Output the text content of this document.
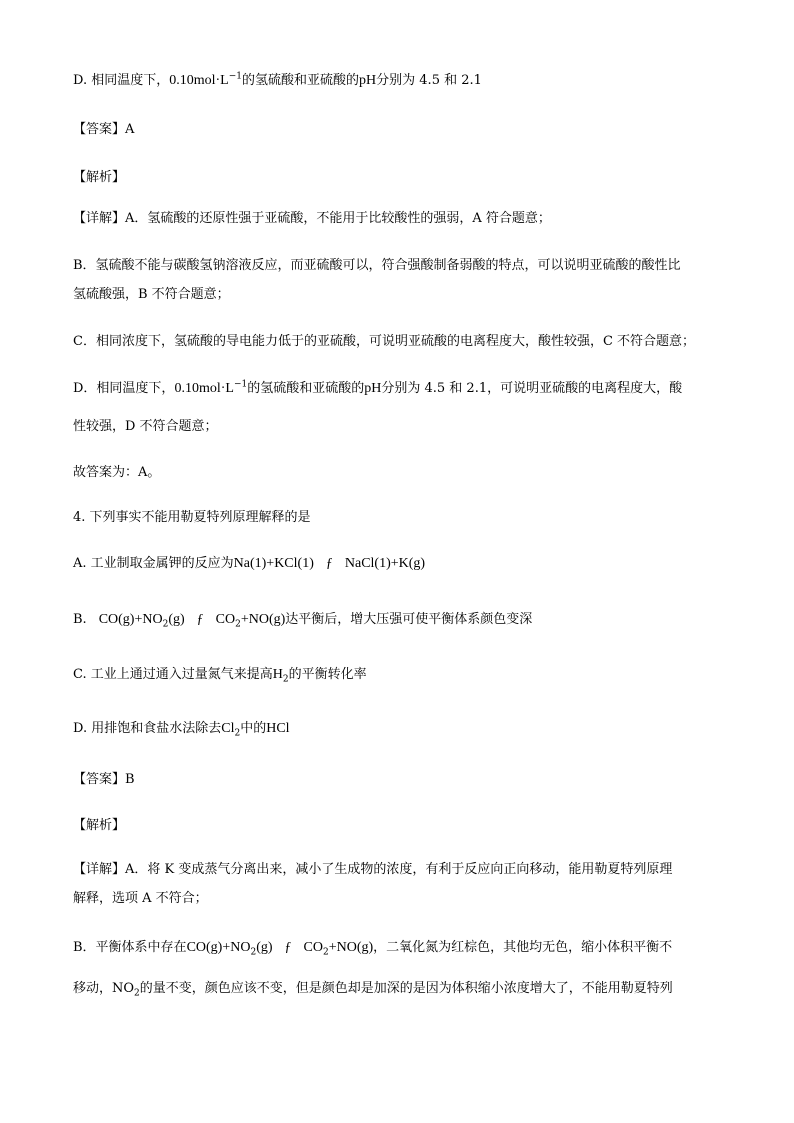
D. 相同温度下，$0.10mol\cdot L^{-1}$的氢硫酸和亚硫酸的pH分别为 4.5 和 2.1
【答案】A
【解析】
【详解】A．氢硫酸的还原性强于亚硫酸，不能用于比较酸性的强弱，A 符合题意；
B．氢硫酸不能与碳酸氢钠溶液反应，而亚硫酸可以，符合强酸制备弱酸的特点，可以说明亚硫酸的酸性比
氢硫酸强，B 不符合题意；
C．相同浓度下，氢硫酸的导电能力低于的亚硫酸，可说明亚硫酸的电离程度大，酸性较强，C 不符合题意；
D．相同温度下，$0.10mol\cdot L^{-1}$的氢硫酸和亚硫酸的pH分别为 4.5 和 2.1，可说明亚硫酸的电离程度大，酸
性较强，D 不符合题意；
故答案为：A。
4. 下列事实不能用勒夏特列原理解释的是
A. 工业制取金属钾的反应为Na(1)+KCl(1) ƒ NaCl(1)+K(g)
B. $CO(g)+NO_2(g)$ ƒ $CO_2+NO(g)$达平衡后，增大压强可使平衡体系颜色变深
C. 工业上通过通入过量氮气来提高$H_2$的平衡转化率
D. 用排饱和食盐水法除去$Cl_2$中的HCl
【答案】B
【解析】
【详解】A．将 K 变成蒸气分离出来，减小了生成物的浓度，有利于反应向正向移动，能用勒夏特列原理
解释，选项 A 不符合；
B．平衡体系中存在$CO(g)+NO_2(g)$ ƒ $CO_2+NO(g)$，二氧化氮为红棕色，其他均无色，缩小体积平衡不
移动，$NO_2$的量不变，颜色应该不变，但是颜色却是加深的是因为体积缩小浓度增大了，不能用勒夏特列
